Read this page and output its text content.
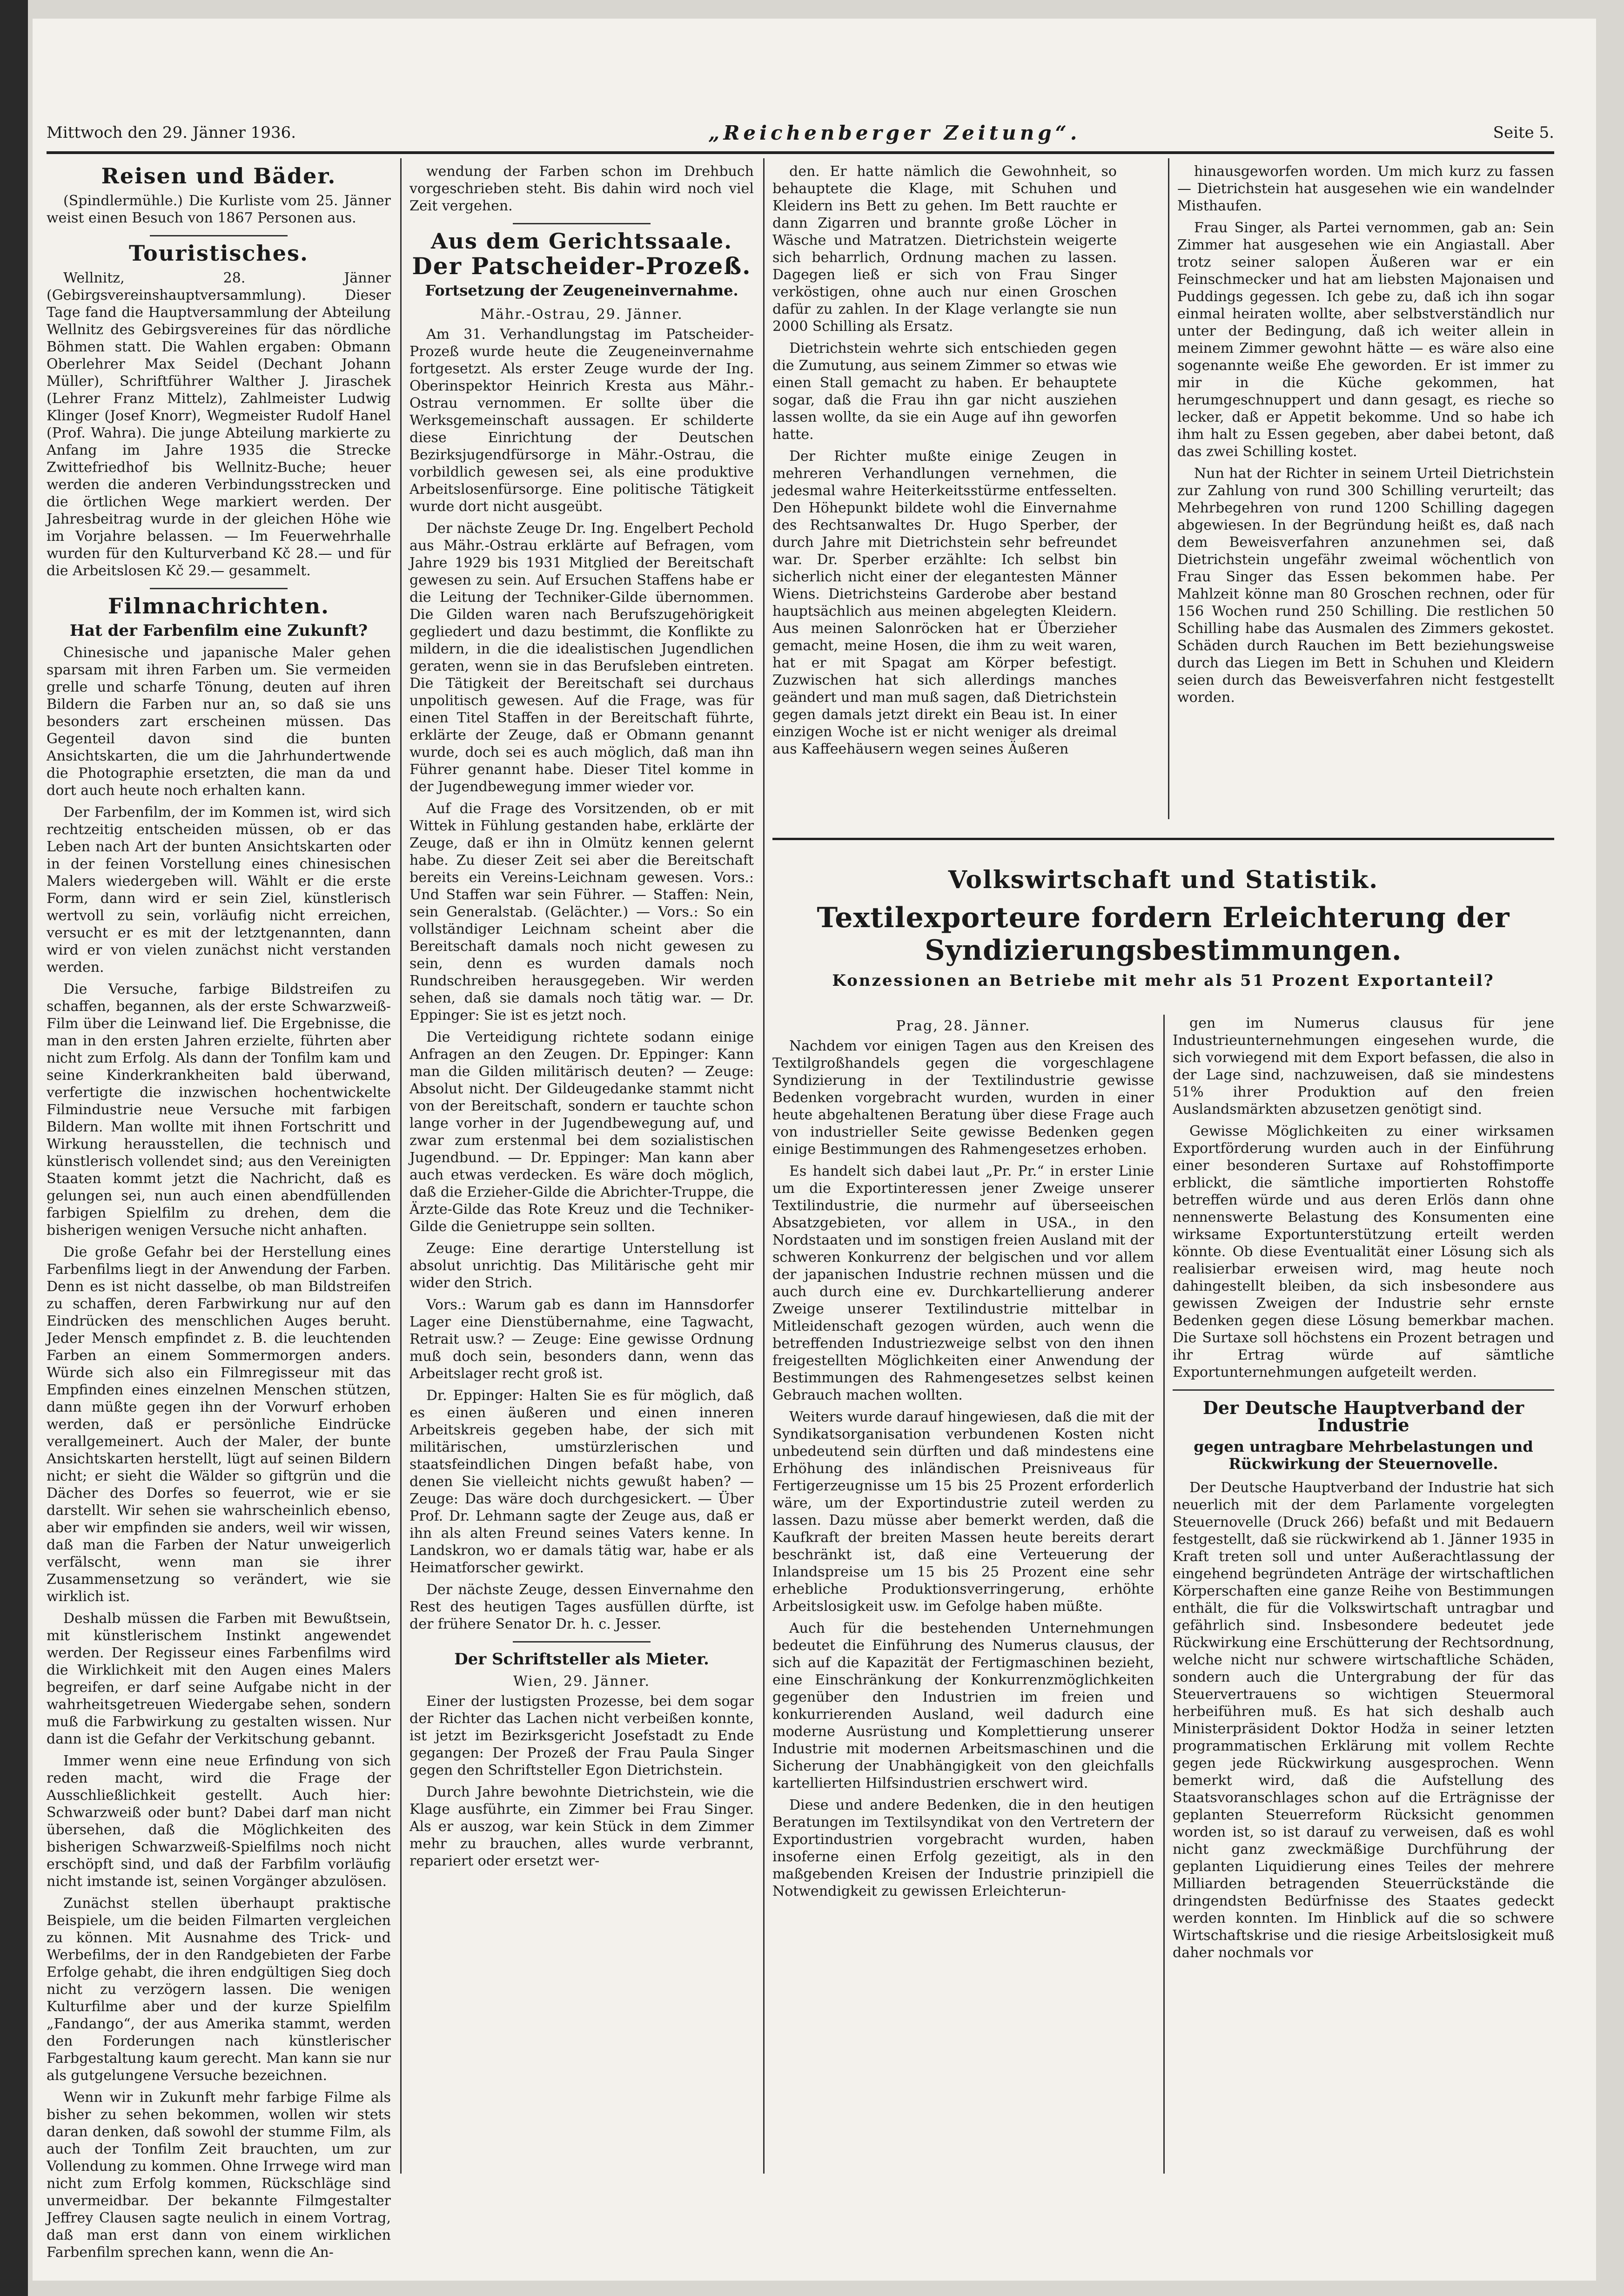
Mittwoch den 29. Jänner 1936.	„Reichenberger Zeitung“.	Seite 5.
Reisen und Bäder.

(Spindlermühle.) Die Kurliste vom 25. Jänner weist einen Besuch von 1867 Personen aus.

Touristisches.

Wellnitz, 28. Jänner (Gebirgsvereinshauptversammlung). Dieser Tage fand die Hauptversammlung der Abteilung Wellnitz des Gebirgsvereines für das nördliche Böhmen statt. Die Wahlen ergaben: Obmann Oberlehrer Max Seidel (Dechant Johann Müller), Schriftführer Walther J. Jiraschek (Lehrer Franz Mittelz), Zahlmeister Ludwig Klinger (Josef Knorr), Wegmeister Rudolf Hanel (Prof. Wahra). Die junge Abteilung markierte zu Anfang im Jahre 1935 die Strecke Zwittefriedhof bis Wellnitz-Buche; heuer werden die anderen Verbindungsstrecken und die örtlichen Wege markiert werden. Der Jahresbeitrag wurde in der gleichen Höhe wie im Vorjahre belassen. — Im Feuerwehrhalle wurden für den Kulturverband Kč 28.— und für die Arbeitslosen Kč 29.— gesammelt.

Filmnachrichten.
Hat der Farbenfilm eine Zukunft?

Chinesische und japanische Maler gehen sparsam mit ihren Farben um. Sie vermeiden grelle und scharfe Tönung, deuten auf ihren Bildern die Farben nur an, so daß sie uns besonders zart erscheinen müssen. Das Gegenteil davon sind die bunten Ansichtskarten, die um die Jahrhundertwende die Photographie ersetzten, die man da und dort auch heute noch erhalten kann.

Der Farbenfilm, der im Kommen ist, wird sich rechtzeitig entscheiden müssen, ob er das Leben nach Art der bunten Ansichtskarten oder in der feinen Vorstellung eines chinesischen Malers wiedergeben will. Wählt er die erste Form, dann wird er sein Ziel, künstlerisch wertvoll zu sein, vorläufig nicht erreichen, versucht er es mit der letztgenannten, dann wird er von vielen zunächst nicht verstanden werden.

Die Versuche, farbige Bildstreifen zu schaffen, begannen, als der erste Schwarzweiß-Film über die Leinwand lief. Die Ergebnisse, die man in den ersten Jahren erzielte, führten aber nicht zum Erfolg. Als dann der Tonfilm kam und seine Kinderkrankheiten bald überwand, verfertigte die inzwischen hochentwickelte Filmindustrie neue Versuche mit farbigen Bildern. Man wollte mit ihnen Fortschritt und Wirkung herausstellen, die technisch und künstlerisch vollendet sind; aus den Vereinigten Staaten kommt jetzt die Nachricht, daß es gelungen sei, nun auch einen abendfüllenden farbigen Spielfilm zu drehen, dem die bisherigen wenigen Versuche nicht anhaften.

Die große Gefahr bei der Herstellung eines Farbenfilms liegt in der Anwendung der Farben. Denn es ist nicht dasselbe, ob man Bildstreifen zu schaffen, deren Farbwirkung nur auf den Eindrücken des menschlichen Auges beruht. Jeder Mensch empfindet z. B. die leuchtenden Farben an einem Sommermorgen anders. Würde sich also ein Filmregisseur mit das Empfinden eines einzelnen Menschen stützen, dann müßte gegen ihn der Vorwurf erhoben werden, daß er persönliche Eindrücke verallgemeinert. Auch der Maler, der bunte Ansichtskarten herstellt, lügt auf seinen Bildern nicht; er sieht die Wälder so giftgrün und die Dächer des Dorfes so feuerrot, wie er sie darstellt. Wir sehen sie wahrscheinlich ebenso, aber wir empfinden sie anders, weil wir wissen, daß man die Farben der Natur unweigerlich verfälscht, wenn man sie ihrer Zusammensetzung so verändert, wie sie wirklich ist.

Deshalb müssen die Farben mit Bewußtsein, mit künstlerischem Instinkt angewendet werden. Der Regisseur eines Farbenfilms wird die Wirklichkeit mit den Augen eines Malers begreifen, er darf seine Aufgabe nicht in der wahrheitsgetreuen Wiedergabe sehen, sondern muß die Farbwirkung zu gestalten wissen. Nur dann ist die Gefahr der Verkitschung gebannt.

Immer wenn eine neue Erfindung von sich reden macht, wird die Frage der Ausschließlichkeit gestellt. Auch hier: Schwarzweiß oder bunt? Dabei darf man nicht übersehen, daß die Möglichkeiten des bisherigen Schwarzweiß-Spielfilms noch nicht erschöpft sind, und daß der Farbfilm vorläufig nicht imstande ist, seinen Vorgänger abzulösen.

Zunächst stellen überhaupt praktische Beispiele, um die beiden Filmarten vergleichen zu können. Mit Ausnahme des Trick- und Werbefilms, der in den Randgebieten der Farbe Erfolge gehabt, die ihren endgültigen Sieg doch nicht zu verzögern lassen. Die wenigen Kulturfilme aber und der kurze Spielfilm „Fandango“, der aus Amerika stammt, werden den Forderungen nach künstlerischer Farbgestaltung kaum gerecht. Man kann sie nur als gutgelungene Versuche bezeichnen.

Wenn wir in Zukunft mehr farbige Filme als bisher zu sehen bekommen, wollen wir stets daran denken, daß sowohl der stumme Film, als auch der Tonfilm Zeit brauchten, um zur Vollendung zu kommen. Ohne Irrwege wird man nicht zum Erfolg kommen, Rückschläge sind unvermeidbar. Der bekannte Filmgestalter Jeffrey Clausen sagte neulich in einem Vortrag, daß man erst dann von einem wirklichen Farbenfilm sprechen kann, wenn die An-

wendung der Farben schon im Drehbuch vorgeschrieben steht. Bis dahin wird noch viel Zeit vergehen.

Aus dem Gerichtssaale.
Der Patscheider-Prozeß.
Fortsetzung der Zeugeneinvernahme.
Mähr.-Ostrau, 29. Jänner.

Am 31. Verhandlungstag im Patscheider-Prozeß wurde heute die Zeugeneinvernahme fortgesetzt. Als erster Zeuge wurde der Ing. Oberinspektor Heinrich Kresta aus Mähr.-Ostrau vernommen. Er sollte über die Werksgemeinschaft aussagen. Er schilderte diese Einrichtung der Deutschen Bezirksjugendfürsorge in Mähr.-Ostrau, die vorbildlich gewesen sei, als eine produktive Arbeitslosenfürsorge. Eine politische Tätigkeit wurde dort nicht ausgeübt.

Der nächste Zeuge Dr. Ing. Engelbert Pechold aus Mähr.-Ostrau erklärte auf Befragen, vom Jahre 1929 bis 1931 Mitglied der Bereitschaft gewesen zu sein. Auf Ersuchen Staffens habe er die Leitung der Techniker-Gilde übernommen. Die Gilden waren nach Berufszugehörigkeit gegliedert und dazu bestimmt, die Konflikte zu mildern, in die die idealistischen Jugendlichen geraten, wenn sie in das Berufsleben eintreten. Die Tätigkeit der Bereitschaft sei durchaus unpolitisch gewesen. Auf die Frage, was für einen Titel Staffen in der Bereitschaft führte, erklärte der Zeuge, daß er Obmann genannt wurde, doch sei es auch möglich, daß man ihn Führer genannt habe. Dieser Titel komme in der Jugendbewegung immer wieder vor.

Auf die Frage des Vorsitzenden, ob er mit Wittek in Fühlung gestanden habe, erklärte der Zeuge, daß er ihn in Olmütz kennen gelernt habe. Zu dieser Zeit sei aber die Bereitschaft bereits ein Vereins-Leichnam gewesen. Vors.: Und Staffen war sein Führer. — Staffen: Nein, sein Generalstab. (Gelächter.) — Vors.: So ein vollständiger Leichnam scheint aber die Bereitschaft damals noch nicht gewesen zu sein, denn es wurden damals noch Rundschreiben herausgegeben. Wir werden sehen, daß sie damals noch tätig war. — Dr. Eppinger: Sie ist es jetzt noch.

Die Verteidigung richtete sodann einige Anfragen an den Zeugen. Dr. Eppinger: Kann man die Gilden militärisch deuten? — Zeuge: Absolut nicht. Der Gildeugedanke stammt nicht von der Bereitschaft, sondern er tauchte schon lange vorher in der Jugendbewegung auf, und zwar zum erstenmal bei dem sozialistischen Jugendbund. — Dr. Eppinger: Man kann aber auch etwas verdecken. Es wäre doch möglich, daß die Erzieher-Gilde die Abrichter-Truppe, die Ärzte-Gilde das Rote Kreuz und die Techniker-Gilde die Genietruppe sein sollten.

Zeuge: Eine derartige Unterstellung ist absolut unrichtig. Das Militärische geht mir wider den Strich.

Vors.: Warum gab es dann im Hannsdorfer Lager eine Dienstübernahme, eine Tagwacht, Retrait usw.? — Zeuge: Eine gewisse Ordnung muß doch sein, besonders dann, wenn das Arbeitslager recht groß ist.

Dr. Eppinger: Halten Sie es für möglich, daß es einen äußeren und einen inneren Arbeitskreis gegeben habe, der sich mit militärischen, umstürzlerischen und staatsfeindlichen Dingen befaßt habe, von denen Sie vielleicht nichts gewußt haben? — Zeuge: Das wäre doch durchgesickert. — Über Prof. Dr. Lehmann sagte der Zeuge aus, daß er ihn als alten Freund seines Vaters kenne. In Landskron, wo er damals tätig war, habe er als Heimatforscher gewirkt.

Der nächste Zeuge, dessen Einvernahme den Rest des heutigen Tages ausfüllen dürfte, ist der frühere Senator Dr. h. c. Jesser.

Der Schriftsteller als Mieter.
Wien, 29. Jänner.

Einer der lustigsten Prozesse, bei dem sogar der Richter das Lachen nicht verbeißen konnte, ist jetzt im Bezirksgericht Josefstadt zu Ende gegangen: Der Prozeß der Frau Paula Singer gegen den Schriftsteller Egon Dietrichstein.

Durch Jahre bewohnte Dietrichstein, wie die Klage ausführte, ein Zimmer bei Frau Singer. Als er auszog, war kein Stück in dem Zimmer mehr zu brauchen, alles wurde verbrannt, repariert oder ersetzt wer-

den. Er hatte nämlich die Gewohnheit, so behauptete die Klage, mit Schuhen und Kleidern ins Bett zu gehen. Im Bett rauchte er dann Zigarren und brannte große Löcher in Wäsche und Matratzen. Dietrichstein weigerte sich beharrlich, Ordnung machen zu lassen. Dagegen ließ er sich von Frau Singer verköstigen, ohne auch nur einen Groschen dafür zu zahlen. In der Klage verlangte sie nun 2000 Schilling als Ersatz.

Dietrichstein wehrte sich entschieden gegen die Zumutung, aus seinem Zimmer so etwas wie einen Stall gemacht zu haben. Er behauptete sogar, daß die Frau ihn gar nicht ausziehen lassen wollte, da sie ein Auge auf ihn geworfen hatte.

Der Richter mußte einige Zeugen in mehreren Verhandlungen vernehmen, die jedesmal wahre Heiterkeitsstürme entfesselten. Den Höhepunkt bildete wohl die Einvernahme des Rechtsanwaltes Dr. Hugo Sperber, der durch Jahre mit Dietrichstein sehr befreundet war. Dr. Sperber erzählte: Ich selbst bin sicherlich nicht einer der elegantesten Männer Wiens. Dietrichsteins Garderobe aber bestand hauptsächlich aus meinen abgelegten Kleidern. Aus meinen Salonröcken hat er Überzieher gemacht, meine Hosen, die ihm zu weit waren, hat er mit Spagat am Körper befestigt. Zuzwischen hat sich allerdings manches geändert und man muß sagen, daß Dietrichstein gegen damals jetzt direkt ein Beau ist. In einer einzigen Woche ist er nicht weniger als dreimal aus Kaffeehäusern wegen seines Äußeren

hinausgeworfen worden. Um mich kurz zu fassen — Dietrichstein hat ausgesehen wie ein wandelnder Misthaufen.

Frau Singer, als Partei vernommen, gab an: Sein Zimmer hat ausgesehen wie ein Angiastall. Aber trotz seiner salopen Äußeren war er ein Feinschmecker und hat am liebsten Majonaisen und Puddings gegessen. Ich gebe zu, daß ich ihn sogar einmal heiraten wollte, aber selbstverständlich nur unter der Bedingung, daß ich weiter allein in meinem Zimmer gewohnt hätte — es wäre also eine sogenannte weiße Ehe geworden. Er ist immer zu mir in die Küche gekommen, hat herumgeschnuppert und dann gesagt, es rieche so lecker, daß er Appetit bekomme. Und so habe ich ihm halt zu Essen gegeben, aber dabei betont, daß das zwei Schilling kostet.

Nun hat der Richter in seinem Urteil Dietrichstein zur Zahlung von rund 300 Schilling verurteilt; das Mehrbegehren von rund 1200 Schilling dagegen abgewiesen. In der Begründung heißt es, daß nach dem Beweisverfahren anzunehmen sei, daß Dietrichstein ungefähr zweimal wöchentlich von Frau Singer das Essen bekommen habe. Per Mahlzeit könne man 80 Groschen rechnen, oder für 156 Wochen rund 250 Schilling. Die restlichen 50 Schilling habe das Ausmalen des Zimmers gekostet. Schäden durch Rauchen im Bett beziehungsweise durch das Liegen im Bett in Schuhen und Kleidern seien durch das Beweisverfahren nicht festgestellt worden.

Volkswirtschaft und Statistik.
Textilexporteure fordern Erleichterung der Syndizierungsbestimmungen.
Konzessionen an Betriebe mit mehr als 51 Prozent Exportanteil?
Prag, 28. Jänner.

Nachdem vor einigen Tagen aus den Kreisen des Textilgroßhandels gegen die vorgeschlagene Syndizierung in der Textilindustrie gewisse Bedenken vorgebracht wurden, wurden in einer heute abgehaltenen Beratung über diese Frage auch von industrieller Seite gewisse Bedenken gegen einige Bestimmungen des Rahmengesetzes erhoben.

Es handelt sich dabei laut „Pr. Pr.“ in erster Linie um die Exportinteressen jener Zweige unserer Textilindustrie, die nurmehr auf überseeischen Absatzgebieten, vor allem in USA., in den Nordstaaten und im sonstigen freien Ausland mit der schweren Konkurrenz der belgischen und vor allem der japanischen Industrie rechnen müssen und die auch durch eine ev. Durchkartellierung anderer Zweige unserer Textilindustrie mittelbar in Mitleidenschaft gezogen würden, auch wenn die betreffenden Industriezweige selbst von den ihnen freigestellten Möglichkeiten einer Anwendung der Bestimmungen des Rahmengesetzes selbst keinen Gebrauch machen wollten.

Weiters wurde darauf hingewiesen, daß die mit der Syndikatsorganisation verbundenen Kosten nicht unbedeutend sein dürften und daß mindestens eine Erhöhung des inländischen Preisniveaus für Fertigerzeugnisse um 15 bis 25 Prozent erforderlich wäre, um der Exportindustrie zuteil werden zu lassen. Dazu müsse aber bemerkt werden, daß die Kaufkraft der breiten Massen heute bereits derart beschränkt ist, daß eine Verteuerung der Inlandspreise um 15 bis 25 Prozent eine sehr erhebliche Produktionsverringerung, erhöhte Arbeitslosigkeit usw. im Gefolge haben müßte.

Auch für die bestehenden Unternehmungen bedeutet die Einführung des Numerus clausus, der sich auf die Kapazität der Fertigmaschinen bezieht, eine Einschränkung der Konkurrenzmöglichkeiten gegenüber den Industrien im freien und konkurrierenden Ausland, weil dadurch eine moderne Ausrüstung und Komplettierung unserer Industrie mit modernen Arbeitsmaschinen und die Sicherung der Unabhängigkeit von den gleichfalls kartellierten Hilfsindustrien erschwert wird.

Diese und andere Bedenken, die in den heutigen Beratungen im Textilsyndikat von den Vertretern der Exportindustrien vorgebracht wurden, haben insoferne einen Erfolg gezeitigt, als in den maßgebenden Kreisen der Industrie prinzipiell die Notwendigkeit zu gewissen Erleichterun-

gen im Numerus clausus für jene Industrieunternehmungen eingesehen wurde, die sich vorwiegend mit dem Export befassen, die also in der Lage sind, nachzuweisen, daß sie mindestens 51% ihrer Produktion auf den freien Auslandsmärkten abzusetzen genötigt sind.

Gewisse Möglichkeiten zu einer wirksamen Exportförderung wurden auch in der Einführung einer besonderen Surtaxe auf Rohstoffimporte erblickt, die sämtliche importierten Rohstoffe betreffen würde und aus deren Erlös dann ohne nennenswerte Belastung des Konsumenten eine wirksame Exportunterstützung erteilt werden könnte. Ob diese Eventualität einer Lösung sich als realisierbar erweisen wird, mag heute noch dahingestellt bleiben, da sich insbesondere aus gewissen Zweigen der Industrie sehr ernste Bedenken gegen diese Lösung bemerkbar machen. Die Surtaxe soll höchstens ein Prozent betragen und ihr Ertrag würde auf sämtliche Exportunternehmungen aufgeteilt werden.

Der Deutsche Hauptverband der Industrie
gegen untragbare Mehrbelastungen und Rückwirkung der Steuernovelle.

Der Deutsche Hauptverband der Industrie hat sich neuerlich mit der dem Parlamente vorgelegten Steuernovelle (Druck 266) befaßt und mit Bedauern festgestellt, daß sie rückwirkend ab 1. Jänner 1935 in Kraft treten soll und unter Außerachtlassung der eingehend begründeten Anträge der wirtschaftlichen Körperschaften eine ganze Reihe von Bestimmungen enthält, die für die Volkswirtschaft untragbar und gefährlich sind. Insbesondere bedeutet jede Rückwirkung eine Erschütterung der Rechtsordnung, welche nicht nur schwere wirtschaftliche Schäden, sondern auch die Untergrabung der für das Steuervertrauens so wichtigen Steuermoral herbeiführen muß. Es hat sich deshalb auch Ministerpräsident Doktor Hodža in seiner letzten programmatischen Erklärung mit vollem Rechte gegen jede Rückwirkung ausgesprochen. Wenn bemerkt wird, daß die Aufstellung des Staatsvoranschlages schon auf die Erträgnisse der geplanten Steuerreform Rücksicht genommen worden ist, so ist darauf zu verweisen, daß es wohl nicht ganz zweckmäßige Durchführung der geplanten Liquidierung eines Teiles der mehrere Milliarden betragenden Steuerrückstände die dringendsten Bedürfnisse des Staates gedeckt werden konnten. Im Hinblick auf die so schwere Wirtschaftskrise und die riesige Arbeitslosigkeit muß daher nochmals vor
